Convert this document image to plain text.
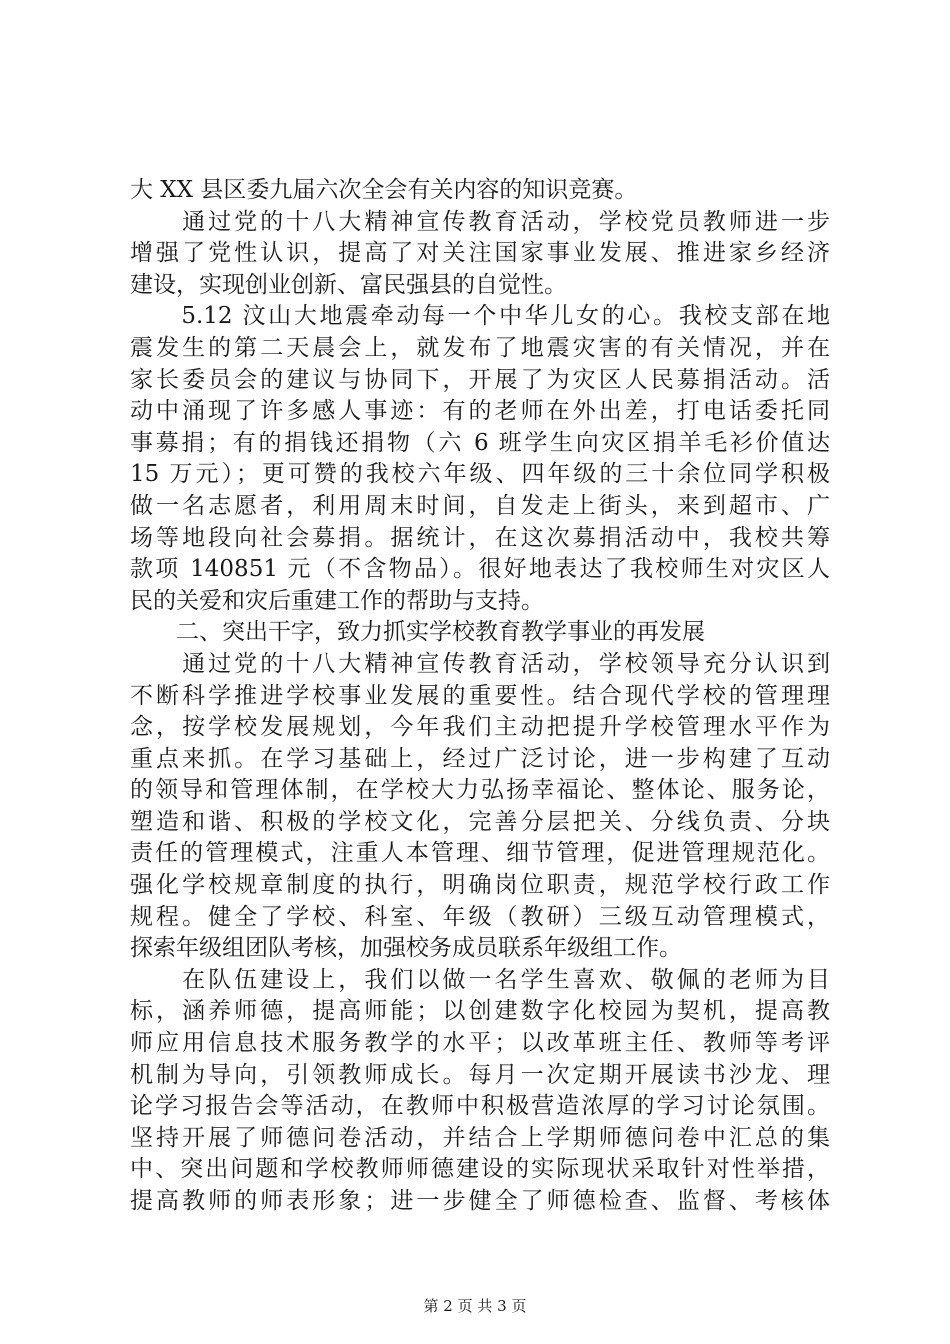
大 XX 县区委九届六次全会有关内容的知识竞赛。
　　通过党的十八大精神宣传教育活动，学校党员教师进一步
增强了党性认识，提高了对关注国家事业发展、推进家乡经济
建设，实现创业创新、富民强县的自觉性。
　　5.12 汶山大地震牵动每一个中华儿女的心。我校支部在地
震发生的第二天晨会上，就发布了地震灾害的有关情况，并在
家长委员会的建议与协同下，开展了为灾区人民募捐活动。活
动中涌现了许多感人事迹：有的老师在外出差，打电话委托同
事募捐；有的捐钱还捐物（六 6 班学生向灾区捐羊毛衫价值达
15 万元）；更可赞的我校六年级、四年级的三十余位同学积极
做一名志愿者，利用周末时间，自发走上街头，来到超市、广
场等地段向社会募捐。据统计，在这次募捐活动中，我校共筹
款项 140851 元（不含物品）。很好地表达了我校师生对灾区人
民的关爱和灾后重建工作的帮助与支持。
　　二、突出干字，致力抓实学校教育教学事业的再发展
　　通过党的十八大精神宣传教育活动，学校领导充分认识到
不断科学推进学校事业发展的重要性。结合现代学校的管理理
念，按学校发展规划，今年我们主动把提升学校管理水平作为
重点来抓。在学习基础上，经过广泛讨论，进一步构建了互动
的领导和管理体制，在学校大力弘扬幸福论、整体论、服务论，
塑造和谐、积极的学校文化，完善分层把关、分线负责、分块
责任的管理模式，注重人本管理、细节管理，促进管理规范化。
强化学校规章制度的执行，明确岗位职责，规范学校行政工作
规程。健全了学校、科室、年级（教研）三级互动管理模式，
探索年级组团队考核，加强校务成员联系年级组工作。
　　在队伍建设上，我们以做一名学生喜欢、敬佩的老师为目
标，涵养师德，提高师能；以创建数字化校园为契机，提高教
师应用信息技术服务教学的水平；以改革班主任、教师等考评
机制为导向，引领教师成长。每月一次定期开展读书沙龙、理
论学习报告会等活动，在教师中积极营造浓厚的学习讨论氛围。
坚持开展了师德问卷活动，并结合上学期师德问卷中汇总的集
中、突出问题和学校教师师德建设的实际现状采取针对性举措，
提高教师的师表形象；进一步健全了师德检查、监督、考核体
第 2 页 共 3 页
